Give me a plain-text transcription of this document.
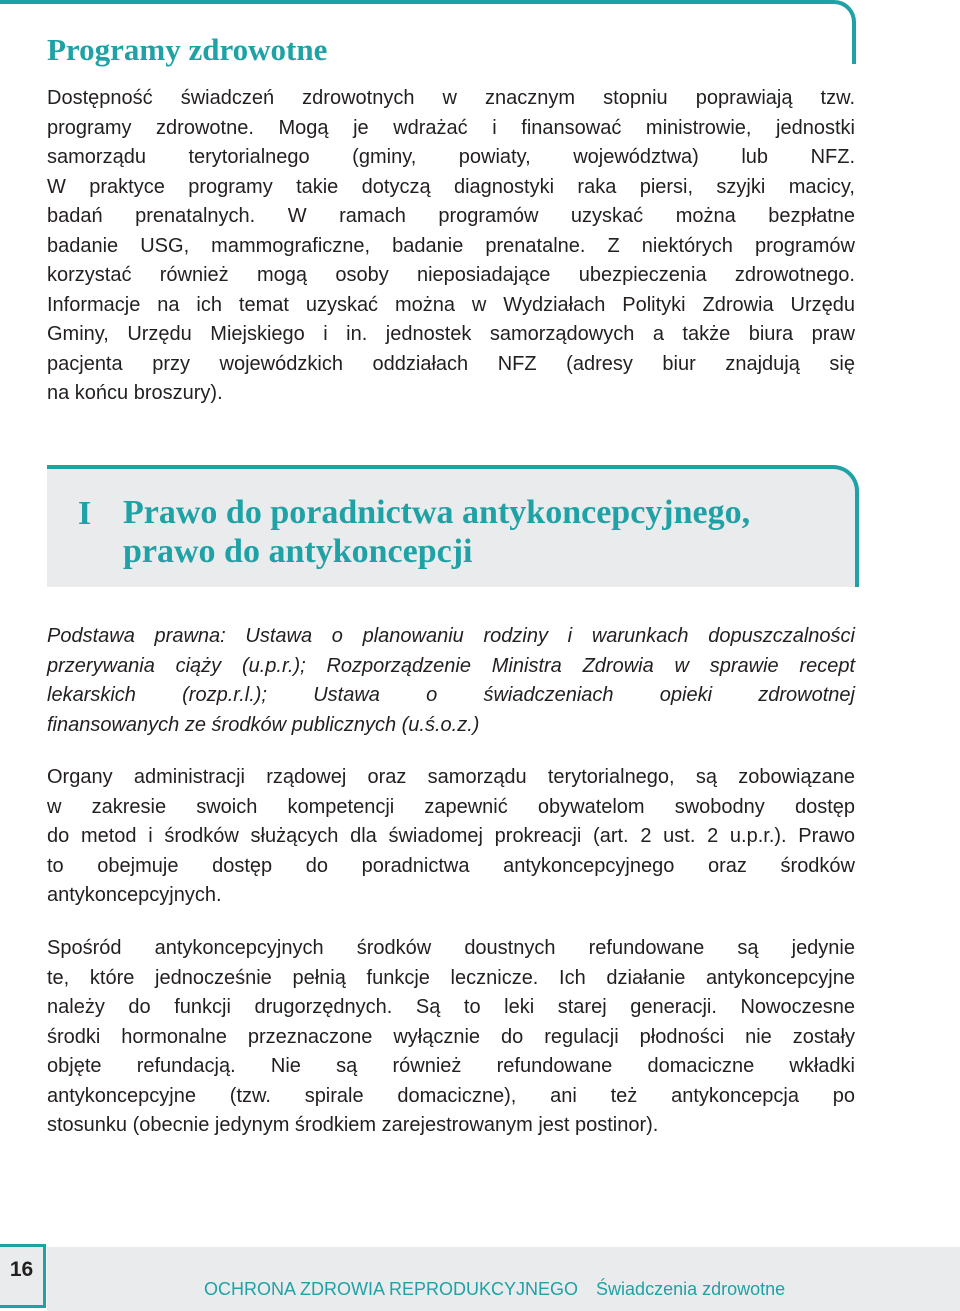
Programy zdrowotne

Dostępność świadczeń zdrowotnych w znacznym stopniu poprawiają tzw.
programy zdrowotne. Mogą je wdrażać i finansować ministrowie, jednostki
samorządu terytorialnego (gminy, powiaty, województwa) lub NFZ.
W praktyce programy takie dotyczą diagnostyki raka piersi, szyjki macicy,
badań prenatalnych. W ramach programów uzyskać można bezpłatne
badanie USG, mammograficzne, badanie prenatalne. Z niektórych programów
korzystać również mogą osoby nieposiadające ubezpieczenia zdrowotnego.
Informacje na ich temat uzyskać można w Wydziałach Polityki Zdrowia Urzędu
Gminy, Urzędu Miejskiego i in. jednostek samorządowych a także biura praw
pacjenta przy wojewódzkich oddziałach NFZ (adresy biur znajdują się
na końcu broszury).

I Prawo do poradnictwa antykoncepcyjnego,
prawo do antykoncepcji

Podstawa prawna: Ustawa o planowaniu rodziny i warunkach dopuszczalności
przerywania ciąży (u.p.r.); Rozporządzenie Ministra Zdrowia w sprawie recept
lekarskich (rozp.r.l.); Ustawa o świadczeniach opieki zdrowotnej
finansowanych ze środków publicznych (u.ś.o.z.)

Organy administracji rządowej oraz samorządu terytorialnego, są zobowiązane
w zakresie swoich kompetencji zapewnić obywatelom swobodny dostęp
do metod i środków służących dla świadomej prokreacji (art. 2 ust. 2 u.p.r.). Prawo
to obejmuje dostęp do poradnictwa antykoncepcyjnego oraz środków
antykoncepcyjnych.

Spośród antykoncepcyjnych środków doustnych refundowane są jedynie
te, które jednocześnie pełnią funkcje lecznicze. Ich działanie antykoncepcyjne
należy do funkcji drugorzędnych. Są to leki starej generacji. Nowoczesne
środki hormonalne przeznaczone wyłącznie do regulacji płodności nie zostały
objęte refundacją. Nie są również refundowane domaciczne wkładki
antykoncepcyjne (tzw. spirale domaciczne), ani też antykoncepcja po
stosunku (obecnie jedynym środkiem zarejestrowanym jest postinor).

16
OCHRONA ZDROWIA REPRODUKCYJNEGO Świadczenia zdrowotne
